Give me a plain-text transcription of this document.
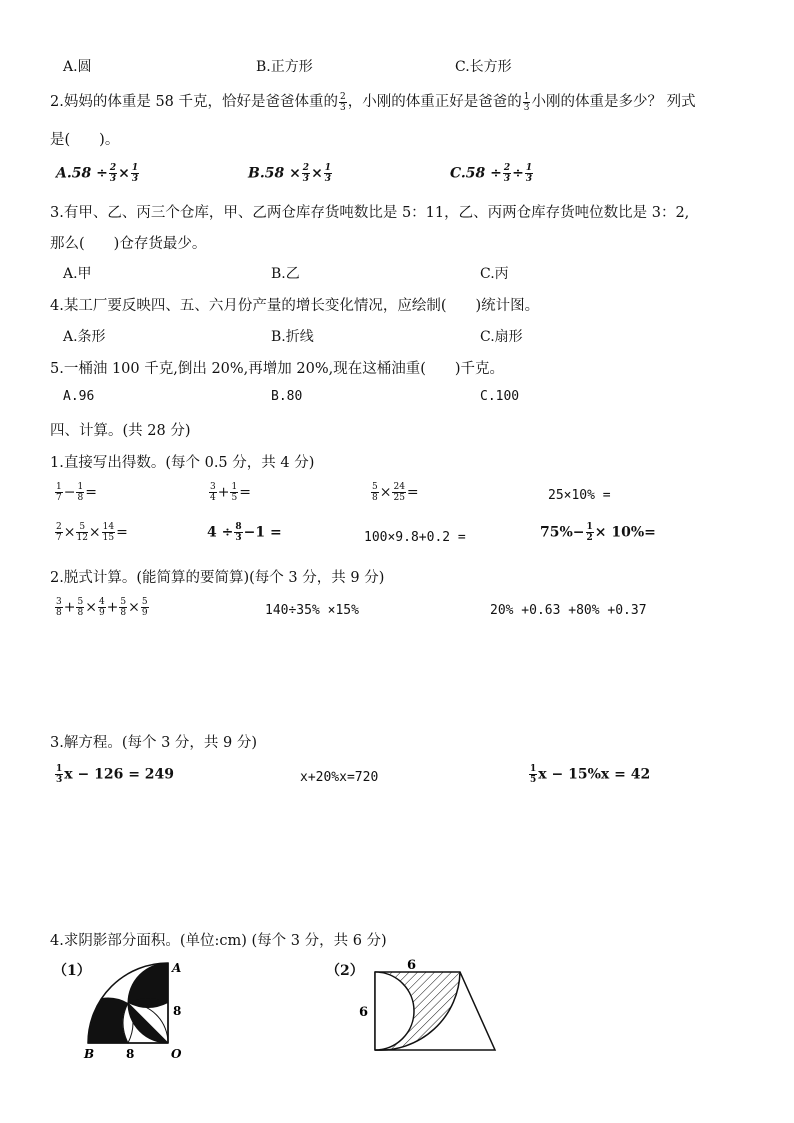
A.圆	B.正方形	C.长方形
2.妈妈的体重是 58 千克，恰好是爸爸体重的 $\frac{2}{3}$ ，小刚的体重正好是爸爸的 $\frac{1}{3}$ 小刚的体重是多少？ 列式
是(　　)。
$A.58 \div \frac{2}{3} \times \frac{1}{3}$	$B.58 \times \frac{2}{3} \times \frac{1}{3}$	$C.58 \div \frac{2}{3} \div \frac{1}{3}$
3.有甲、乙、丙三个仓库，甲、乙两仓库存货吨数比是 5：11，乙、丙两仓库存货吨位数比是 3：2,
那么(　　)仓存货最少。
A.甲	B.乙	C.丙
4.某工厂要反映四、五、六月份产量的增长变化情况，应绘制(　　)统计图。
A.条形	B.折线	C.扇形
5.一桶油 100 千克,倒出 20%,再增加 20%,现在这桶油重(　　)千克。
A.96	B.80	C.100
四、计算。(共 28 分)
1.直接写出得数。(每个 0.5 分，共 4 分)
$\frac{1}{7} - \frac{1}{8}$ =	$\frac{3}{4} + \frac{1}{5}$ =	$\frac{5}{8} \times \frac{24}{25}$ =	25×10% =
$\frac{2}{7} \times \frac{5}{12} \times \frac{14}{15}$ =	$4 \div \frac{8}{3} -1$ =	100×9.8+0.2 =	$75\%- \frac{1}{2} \times 10\%=$
2.脱式计算。(能简算的要简算)(每个 3 分，共 9 分)
$\frac{3}{8} + \frac{5}{8} \times \frac{4}{9} + \frac{5}{8} \times \frac{5}{9}$	140÷35% ×15%	20% +0.63 +80% +0.37
3.解方程。(每个 3 分，共 9 分)
$\frac{1}{3}$ x − 126 = 249	x+20%x=720	$\frac{1}{5}$ x − 15%x = 42
4.求阴影部分面积。(单位:cm) (每个 3 分，共 6 分)
（1）	A
B	O
8
8
（2）	6
6
